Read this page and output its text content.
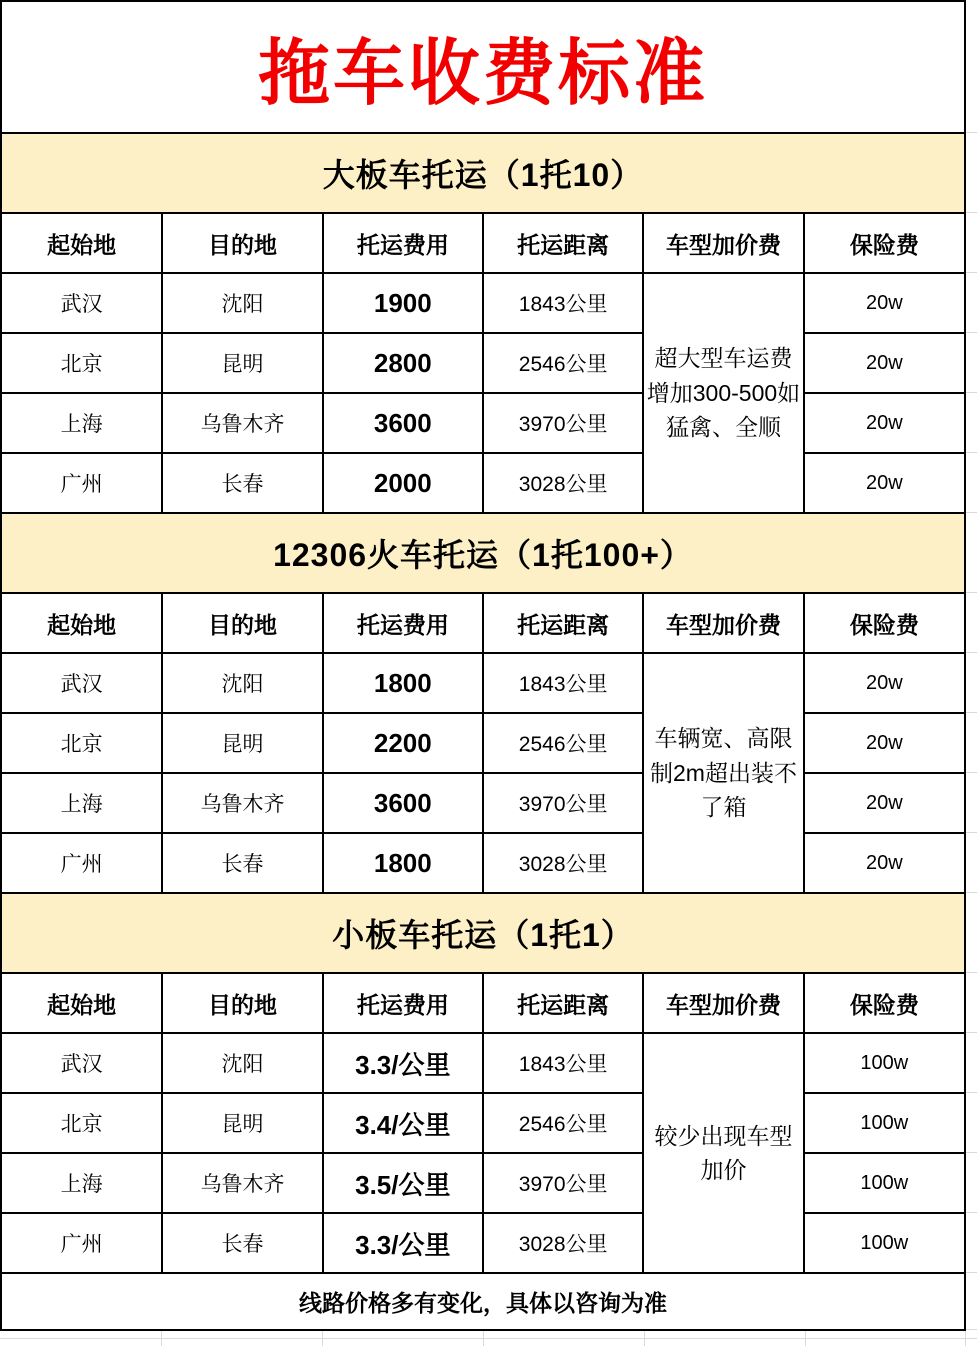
拖车收费标准
大板车托运（1托10）
起始地	目的地	托运费用	托运距离	车型加价费	保险费
武汉	沈阳	1900	1843公里	超大型车运费增加300-500如猛禽、全顺	20w
北京	昆明	2800	2546公里		20w
上海	乌鲁木齐	3600	3970公里		20w
广州	长春	2000	3028公里		20w
12306火车托运（1托100+）
起始地	目的地	托运费用	托运距离	车型加价费	保险费
武汉	沈阳	1800	1843公里	车辆宽、高限制2m超出装不了箱	20w
北京	昆明	2200	2546公里		20w
上海	乌鲁木齐	3600	3970公里		20w
广州	长春	1800	3028公里		20w
小板车托运（1托1）
起始地	目的地	托运费用	托运距离	车型加价费	保险费
武汉	沈阳	3.3/公里	1843公里	较少出现车型加价	100w
北京	昆明	3.4/公里	2546公里		100w
上海	乌鲁木齐	3.5/公里	3970公里		100w
广州	长春	3.3/公里	3028公里		100w
线路价格多有变化，具体以咨询为准
